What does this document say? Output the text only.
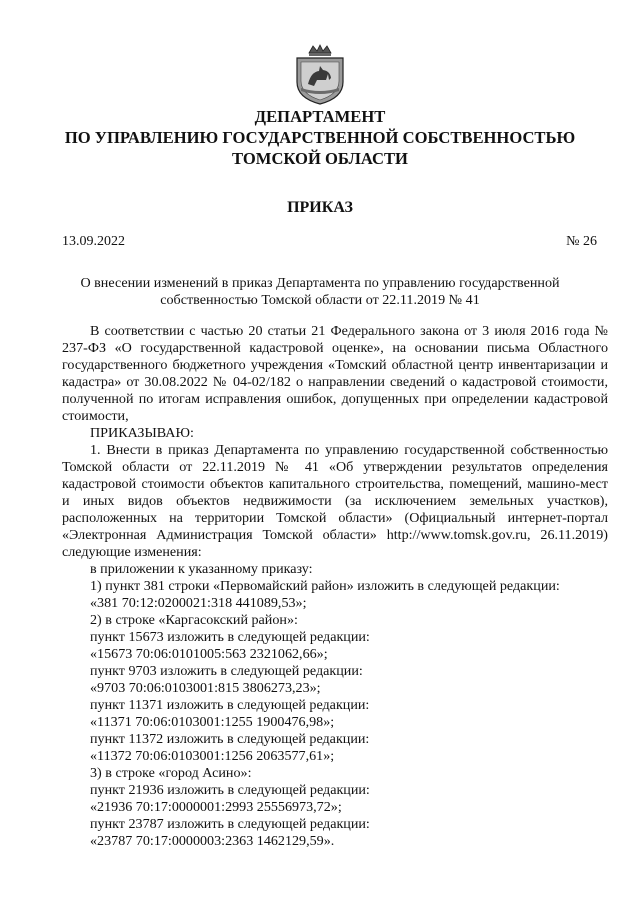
ДЕПАРТАМЕНТ
ПО УПРАВЛЕНИЮ ГОСУДАРСТВЕННОЙ СОБСТВЕННОСТЬЮ
ТОМСКОЙ ОБЛАСТИ
ПРИКАЗ
13.09.2022	№ 26
О внесении изменений в приказ Департамента по управлению государственной
собственностью Томской области от 22.11.2019 № 41

В соответствии с частью 20 статьи 21 Федерального закона от 3 июля 2016 года № 237-ФЗ «О государственной кадастровой оценке», на основании письма Областного государственного бюджетного учреждения «Томский областной центр инвентаризации и кадастра» от 30.08.2022 № 04-02/182 о направлении сведений о кадастровой стоимости, полученной по итогам исправления ошибок, допущенных при определении кадастровой стоимости,

ПРИКАЗЫВАЮ:

1. Внести в приказ Департамента по управлению государственной собственностью Томской области от 22.11.2019 № 41 «Об утверждении результатов определения кадастровой стоимости объектов капитального строительства, помещений, машино-мест и иных видов объектов недвижимости (за исключением земельных участков), расположенных на территории Томской области» (Официальный интернет-портал «Электронная Администрация Томской области» http://www.tomsk.gov.ru, 26.11.2019) следующие изменения:

в приложении к указанному приказу:

1) пункт 381 строки «Первомайский район» изложить в следующей редакции:

«381 70:12:0200021:318 441089,53»;

2) в строке «Каргасокский район»:

пункт 15673 изложить в следующей редакции:

«15673 70:06:0101005:563 2321062,66»;

пункт 9703 изложить в следующей редакции:

«9703 70:06:0103001:815 3806273,23»;

пункт 11371 изложить в следующей редакции:

«11371 70:06:0103001:1255 1900476,98»;

пункт 11372 изложить в следующей редакции:

«11372 70:06:0103001:1256 2063577,61»;

3) в строке «город Асино»:

пункт 21936 изложить в следующей редакции:

«21936 70:17:0000001:2993 25556973,72»;

пункт 23787 изложить в следующей редакции:

«23787 70:17:0000003:2363 1462129,59».
